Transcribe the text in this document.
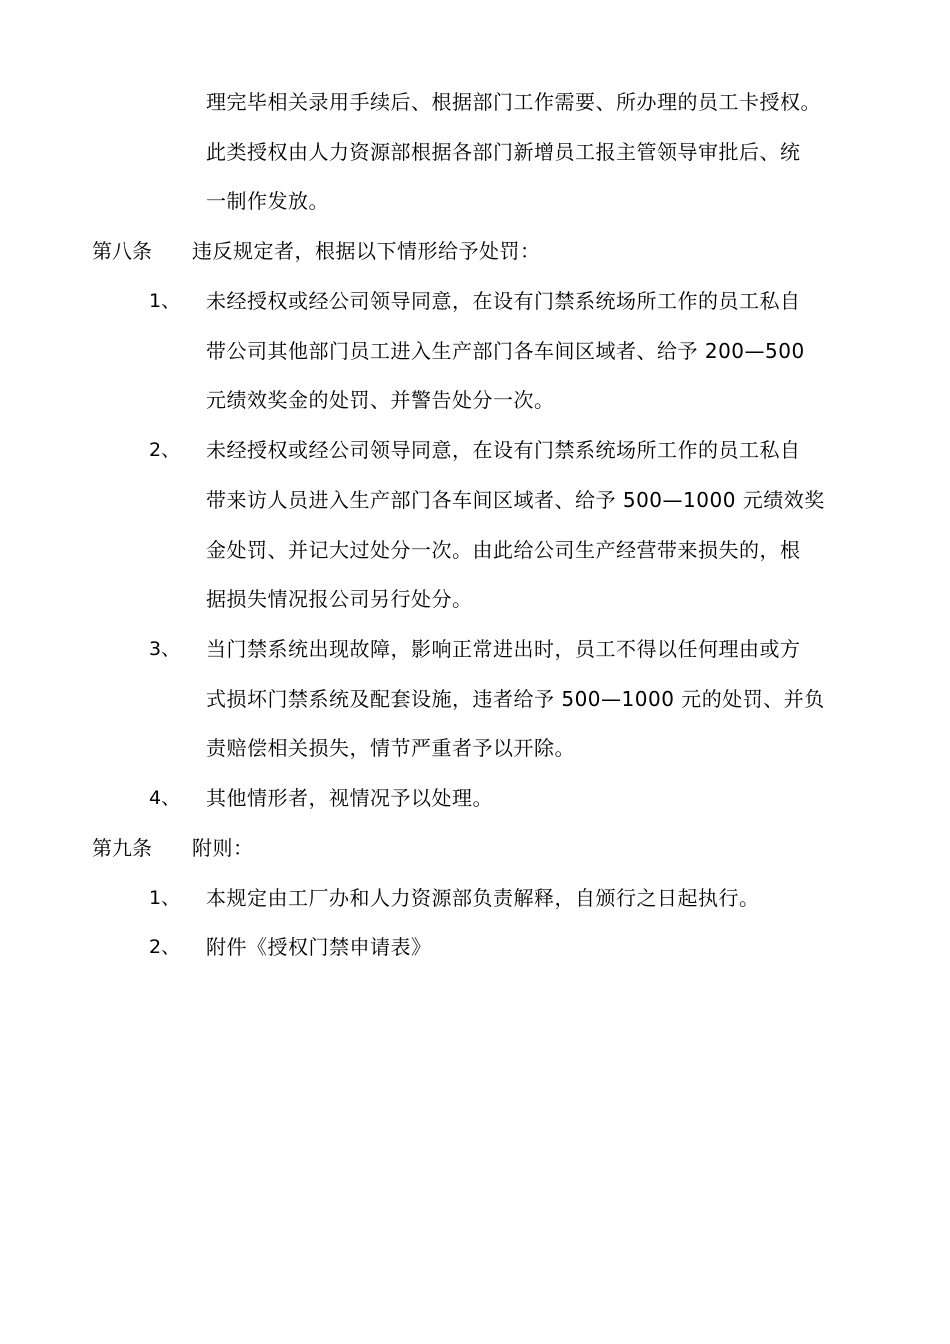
理完毕相关录用手续后、根据部门工作需要、所办理的员工卡授权。
此类授权由人力资源部根据各部门新增员工报主管领导审批后、统
一制作发放。
第八条 违反规定者，根据以下情形给予处罚：
1、 未经授权或经公司领导同意，在设有门禁系统场所工作的员工私自
带公司其他部门员工进入生产部门各车间区域者、给予 200—500
元绩效奖金的处罚、并警告处分一次。
2、 未经授权或经公司领导同意，在设有门禁系统场所工作的员工私自
带来访人员进入生产部门各车间区域者、给予 500—1000 元绩效奖
金处罚、并记大过处分一次。由此给公司生产经营带来损失的，根
据损失情况报公司另行处分。
3、 当门禁系统出现故障，影响正常进出时，员工不得以任何理由或方
式损坏门禁系统及配套设施，违者给予 500—1000 元的处罚、并负
责赔偿相关损失，情节严重者予以开除。
4、 其他情形者，视情况予以处理。
第九条 附则：
1、 本规定由工厂办和人力资源部负责解释，自颁行之日起执行。
2、 附件《授权门禁申请表》
